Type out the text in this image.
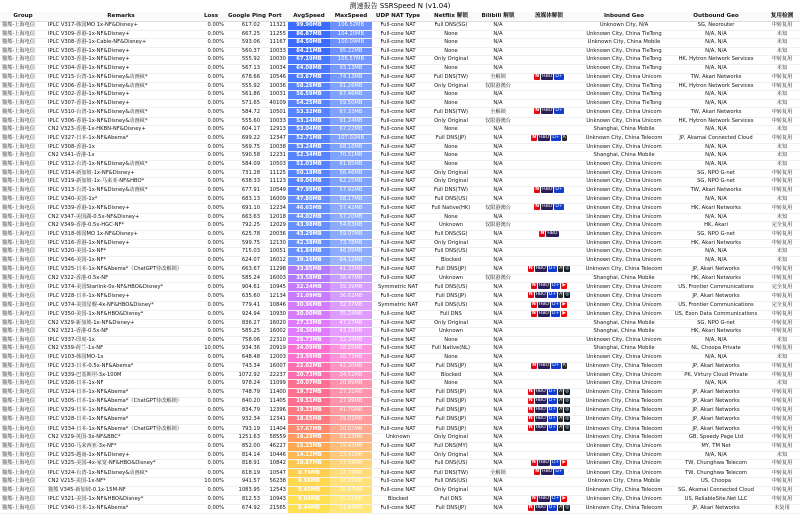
测速报告 SSRSpeed N (v1.04)
Group	Remarks	Loss	Google Ping	Port	AvgSpeed	MaxSpeed	UDP NAT Type	Netflix 解锁	Bilibili 解锁	流媒体解锁	Inbound Geo	Outbound Geo	复用检测
猫熊-上海电信	IPLC V317-韩国MO 1x-NF&Disney+	0.00%	617.02	11321	99.90MB	106.52MB	Full-cone NAT	Full DNS(SG)	N/A		Unknown City, N/A	SG, Neorouter	中转复用
猫熊-上海电信	IPLC V309-香港-1x-NF&Disney+	0.00%	667.25	11255	86.87MB	104.20MB	Full-cone NAT	None	N/A		Unknown City, China TieTong	N/A, N/A	未知
猫熊-上海电信	IPLC V308-香港-1x-Cable-NF&Disney+	0.00%	593.06	11167	84.50MB	100.09MB	Full-cone NAT	None	N/A		Unknown City, China Mobile	N/A, N/A	未知
猫熊-上海电信	IPLC V305-香港-1x-NF&Disney+	0.00%	560.37	10033	84.21MB	95.22MB	Full-cone NAT	None	N/A		Unknown City, China TieTong	N/A, N/A	未知
猫熊-上海电信	IPLC V303-香港-1x-NF&Disney+	0.00%	555.92	10030	67.19MB	105.57MB	Full-cone NAT	Only Original	N/A		Unknown City, China TieTong	HK, Hytron Network Services	中转复用
猫熊-上海电信	IPLC V304-香港-1x-NF&Disney+	0.00%	567.13	10034	64.08MB	93.13MB	Full-cone NAT	None	N/A		Unknown City, China TieTong	N/A, N/A	未知
猫熊-上海电信	IPLC V315-台湾-1x-NF&Disney&动画疯*	0.00%	678.66	10546	63.67MB	74.13MB	Full-cone NAT	Full DNS(TW)	全解锁	N HBO D+	Unknown City, China Unicom	TW, Akari Networks	中转复用
猫熊-上海电信	IPLC V306-香港-1x-NF&Disney&动画疯*	0.00%	555.92	10036	58.26MB	91.26MB	Full-cone NAT	Only Original	仅限港澳台		Unknown City, China TieTong	HK, Hytron Network Services	中转复用
猫熊-上海电信	IPLC V302-香港-1x-NF&Disney+	0.00%	561.86	10031	56.59MB	67.46MB	Full-cone NAT	None	N/A		Unknown City, China TieTong	N/A, N/A	未知
猫熊-上海电信	IPLC V307-香港-1x-NF&Disney+	0.00%	571.65	40109	54.25MB	59.50MB	Full-cone NAT	None	N/A		Unknown City, China TieTong	N/A, N/A	未知
猫熊-上海电信	IPLC V310-台湾-1x-NF&Disney&动画疯*	0.00%	584.72	10501	53.32MB	67.33MB	Full-cone NAT	Full DNS(TW)	全解锁	N HBO D+	Unknown City, China Unicom	TW, Akari Networks	中转复用
猫熊-上海电信	IPLC V306-香港-1x-NF&Disney&动画疯*	0.00%	555.60	10033	53.14MB	91.24MB	Full-cone NAT	Only Original	仅限港澳台		Unknown City, China Unicom	HK, Hytron Network Services	中转复用
猫熊-上海电信	CN2 V323-香港-1x-HKBN-NF&Disney+	0.00%	604.17	12913	53.04MB	67.22MB	Full-cone NAT	None	N/A		Shanghai, China Mobile	N/A, N/A	未知
猫熊-上海电信	IPLC V327-日本-1x-NF&Abema*	0.00%	699.22	12347	52.71MB	107.02MB	Full-cone NAT	Full DNS(JP)	N/A	N HBO D+ A	Unknown City, China Telecom	JP, Akamai Connected Cloud	中转复用
猫熊-上海电信	IPLC V308-香港-1x	0.00%	569.75	10038	53.24MB	68.16MB	Full-cone NAT	None	N/A		Unknown City, China Unicom	N/A, N/A	未知
猫熊-上海电信	CN2 V341-香港-1x	0.00%	590.58	12231	52.34MB	70.51MB	Full-cone NAT	None	N/A		Shanghai, China Mobile	N/A, N/A	未知
猫熊-上海电信	IPLC V312-台湾-1x-NF&Disney&动画疯*	0.00%	584.09	10503	51.03MB	61.85MB	Full-cone NAT	None	N/A		Unknown City, China Unicom	N/A, N/A	未知
猫熊-上海电信	IPLC V314-新加坡-1x-NF&Disney+	0.00%	731.28	11125	50.18MB	56.46MB	Full-cone NAT	Only Original	N/A		Unknown City, China Unicom	SG, NPO G-net	中转复用
猫熊-上海电信	IPLC V319-新加坡-1x-马来亚-NF&HBO*	0.00%	638.33	11123	49.06MB	62.25MB	Full-cone NAT	Only Original	N/A		Unknown City, China Unicom	SG, NPO G-net	中转复用
猫熊-上海电信	IPLC V313-台湾-1x-NF&Disney&动画疯*	0.00%	677.91	10549	47.99MB	57.92MB	Full-cone NAT	Full DNS(TW)	N/A	N HBO D+	Unknown City, China Unicom	TW, Akari Networks	中转复用
猫熊-上海电信	IPLC V340-美国-1x*	0.00%	683.13	16009	47.80MB	58.17MB	Full-cone NAT	Full DNS(US)	N/A		Unknown City, China Unicom	N/A, N/A	未知
猫熊-上海电信	IPLC V339-香港-1x-NF&Disney+	0.00%	691.10	12234	46.65MB	57.42MB	Full-cone NAT	Full Native(HK)	仅限港澳台	N HBO D+	Unknown City, China Unicom	HK, Akari Networks	中转复用
猫熊-上海电信	CN2 V347-美国湖-0.5x-NF&Disney+	0.00%	663.63	12018	44.02MB	57.20MB	Full-cone NAT	None	N/A		Unknown City, China Unicom	N/A, N/A	未知
猫熊-上海电信	CN2 V349-香港-0.5x-HGC-NF*	0.00%	792.25	12029	43.98MB	54.63MB	Full-cone NAT	Unknown	仅限港澳台		Unknown City, China Unicom	HK, Akari	完全复用
猫熊-上海电信	IPLC V318-韩国MO 1x-NF&Disney+	0.00%	625.78	20036	43.29MB	59.07MB	Full-cone NAT	Full DNS(SG)	N/A	N HBO	Unknown City, China Unicom	SG, NPO G-net	中转复用
猫熊-上海电信	IPLC V316-香港-1x-NF&Disney+	0.00%	599.75	12130	42.38MB	73.78MB	Full-cone NAT	Only Original	N/A		Unknown City, China Unicom	HK, Akari Networks	中转复用
猫熊-上海电信	IPLC V320-美国-1x-NF*	0.00%	715.03	10051	41.84MB	46.09MB	Full-cone NAT	Full DNS(US)	N/A		Unknown City, China Unicom	N/A, N/A	未知
猫熊-上海电信	IPLC V346-美国-1x-NF*	0.00%	624.07	16012	39.16MB	64.12MB	Full-cone NAT	Blocked	N/A		Unknown City, China Unicom	N/A, N/A	未知
猫熊-上海电信	IPLC V325-日本-1x-NF&Abema*（ChatGPT待改解锁）	0.00%	663.67	11298	33.85MB	41.33MB	Full-cone NAT	Full DNS(JP)	N/A	N HBO D+ A ◎	Unknown City, China Telecom	JP, Akari Networks	中转复用
猫熊-上海电信	CN2 V322-香港-0.5x-NF	0.00%	585.24	16003	33.58MB	38.47MB	Full-cone NAT	Unknown	仅限港澳台		Shanghai, China Mobile	HK, Akari Networks	中转复用
猫熊-上海电信	IPLC V374-美国Starlink-0x-NF&HBO&Disney*	0.00%	904.61	10945	32.24MB	39.39MB	Symmetric NAT	Full DNS(US)	N/A	N HBO D+ ▶	Unknown City, China Unicom	US, Frontier Communications	完全复用
猫熊-上海电信	IPLC V328-日本-1x-NF&Disney+	0.00%	635.60	12134	31.09MB	36.62MB	Full-cone NAT	Full DNS(JP)	N/A	N HBO D+ A ◎	Unknown City, China Unicom	JP, Akari Networks	中转复用
猫熊-上海电信	IPLC V374-美国星舰-4x-NF&HBO&Disney*	0.00%	779.41	10846	30.96MB	32.37MB	Symmetric NAT	Full DNS(US)	N/A	N HBO D+ ▶	Unknown City, China Unicom	US, Frontier Communications	完全复用
猫熊-上海电信	IPLC V350-美国-1x-NF&HBO&Disney*	0.00%	924.94	10930	30.00MB	35.24MB	Full-cone NAT	Full DNS	N/A	N HBO D+ ▶	Unknown City, China Unicom	US, Exon Data Communications	中转复用
猫熊-上海电信	CN2 V329-新加坡-1x-NF&Disney+	0.00%	836.27	16020	27.33MB	47.27MB	Full-cone NAT	Only Original	N/A		Shanghai, China Mobile	SG, NPO G-net	中转复用
猫熊-上海电信	CN2 V321-香港-0.5x-NF	0.00%	585.25	16002	26.36MB	43.16MB	Full-cone NAT	Unknown	N/A		Shanghai, China Mobile	HK, Akari Networks	中转复用
猫熊-上海电信	IPLC V337-印度-1x	0.00%	758.06	22310	25.73MB	32.34MB	Full-cone NAT	None	N/A		Unknown City, China Unicom	N/A, N/A	未知
猫熊-上海电信	CN2 V339-荷兰-1x-NF	10.00%	934.36	20919	24.09MB	38.95MB	Full-cone NAT	Full Native(NL)	N/A		Shanghai, China Mobile	NL, Choopa Private	中转复用
猫熊-上海电信	IPLC V103-韩国MO-1x	0.00%	648.48	12003	23.99MB	38.73MB	Full-cone NAT	None	N/A		Unknown City, China Unicom	N/A, N/A	未知
猫熊-上海电信	IPLC V323-日本-0.5x-NF&Abema*	0.00%	743.34	16007	22.02MB	42.20MB	Full-cone NAT	Full DNS(JP)	N/A	N HBO D+ A	Unknown City, China Telecom	JP, Akari Networks	中转复用
猫熊-上海电信	IPLC V339-巴基斯坦-3x-100M	0.00%	1072.92	22237	20.73MB	34.51MB	Full-cone NAT	Blocked	N/A		Unknown City, China Unicom	PK, Virtury Cloud Private	中转复用
猫熊-上海电信	IPLC V326-日本-1x-NF	0.00%	978.24	11099	20.07MB	20.89MB	Full-cone NAT	None	N/A		Unknown City, China Unicom	N/A, N/A	未知
猫熊-上海电信	IPLC V324-日本-1x-NF&Abema*	0.00%	748.79	11400	19.72MB	27.31MB	Full-cone NAT	Full DNS(JP)	N/A	N HBO D+ A ◎	Unknown City, China Telecom	JP, Akari Networks	中转复用
猫熊-上海电信	IPLC V305-日本-1x-NF&Abema*（ChatGPT待改解锁）	0.00%	840.20	11405	19.51MB	27.99MB	Full-cone NAT	Full DNS(JP)	N/A	N HBO D+ A ◎	Unknown City, China Telecom	JP, Akari Networks	中转复用
猫熊-上海电信	IPLC V329-日本-1x-NF&Abema*	0.00%	834.79	12396	19.33MB	41.70MB	Full-cone NAT	Full DNS(JP)	N/A	N HBO D+ A ◎	Unknown City, China Telecom	JP, Akari Networks	中转复用
猫熊-上海电信	IPLC V328-日本-1x-NF&Abema*	0.00%	932.34	12341	18.65MB	29.01MB	Full-cone NAT	Full DNS(JP)	N/A	N HBO D+ A ◎	Unknown City, China Telecom	JP, Akari Networks	中转复用
猫熊-上海电信	IPLC V334-日本-1x-NF&Abema*（ChatGPT待改解锁）	0.00%	793.19	11404	17.67MB	30.07MB	Full-cone NAT	Full DNS(JP)	N/A	N HBO D+ A ◎	Unknown City, China Telecom	JP, Akari Networks	中转复用
猫熊-上海电信	CN2 V329-英国-3x-NF&BBC*	0.00%	1251.63	58559	16.29MB	31.23MB	Unknown	Only Original	N/A		Unknown City, China Telecom	GB, Speedy Page Ltd	中转复用
猫熊-上海电信	IPLC V330-马来西亚-3x-NF*	0.00%	852.00	46227	15.33MB	19.43MB	Full-cone NAT	Full DNS(MY)	N/A		Unknown City, China Unicom	MY, TM Net	中转复用
猫熊-上海电信	IPLC V325-越南-1x-NF&Disney+	0.00%	814.14	10446	14.12MB	23.41MB	Full-cone NAT	Only Original	N/A		Unknown City, China Unicom	N/A, N/A	未知
猫熊-上海电信	IPLC V325-美国-4x-家宽-NF&HBO&Disney*	0.00%	818.91	10842	10.87MB	17.59MB	Full-cone NAT	Full DNS(US)	N/A	N HBO D+ ▶	Unknown City, China Unicom	TW, Chunghwa Telecom	中转复用
猫熊-上海电信	IPLC V324-台湾-1x-NF&Disney&动画疯*	0.00%	618.19	10547	9.74MB	12.76MB	Full-cone NAT	Full DNS(TW)	全解锁	N HBO D+	Unknown City, China Unicom	TW, Chunghwa Telecom	中转复用
猫熊-上海电信	CN2 V215-美国-1x-NF*	10.00%	941.57	56238	9.56MB	16.07MB	Full-cone NAT	Full DNS(US)	N/A		Unknown City, China Mobile	US, Choopa	中转复用
猫熊-上海电信	猫熊 V345-新加坡-0.1x-15M-NF	0.00%	1083.95	12543	9.45MB	20.07MB	Full-cone NAT	Only Original	N/A		Unknown City, China Telecom	SG, Akamai Connected Cloud	中转复用
猫熊-上海电信	IPLC V321-美国-1x-NF&HBO&Disney*	0.00%	812.53	10943	9.04MB	15.21MB	Blocked	Full DNS	N/A	N HBO D+ ▶	Unknown City, China Unicom	US, ReliableSite.Net LLC	中转复用
猫熊-上海电信	IPLC V340-日本-1x-NF&Abema*	0.00%	674.92	21565	8.44MB	11.44MB	Full-cone NAT	Full DNS(JP)	N/A	N HBO D+ A ◎	Unknown City, China Telecom	JP, Akari Networks	未复用
